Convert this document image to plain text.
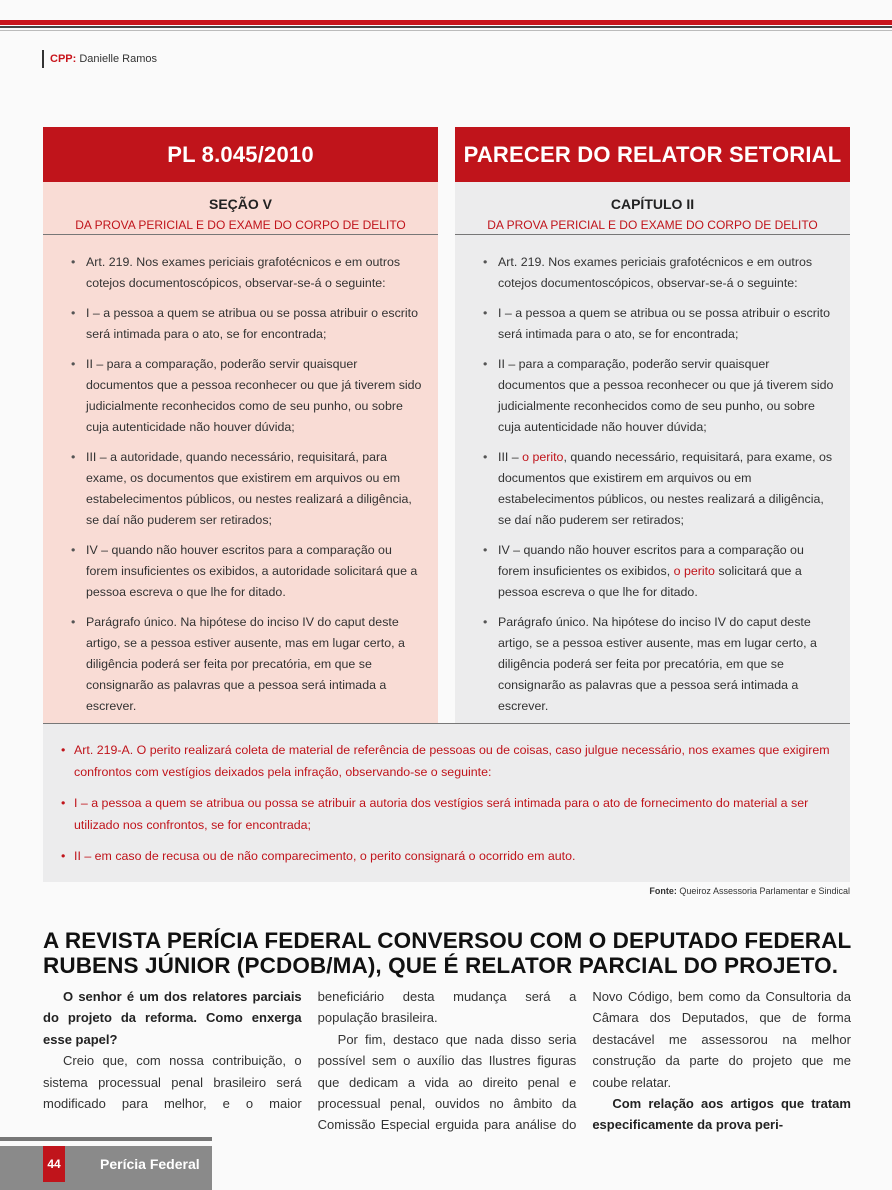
CPP: Danielle Ramos
PL 8.045/2010
SEÇÃO V
DA PROVA PERICIAL E DO EXAME DO CORPO DE DELITO
• Art. 219. Nos exames periciais grafotécnicos e em outros cotejos documentoscópicos, observar-se-á o seguinte:
• I – a pessoa a quem se atribua ou se possa atribuir o escrito será intimada para o ato, se for encontrada;
• II – para a comparação, poderão servir quaisquer documentos que a pessoa reconhecer ou que já tiverem sido judicialmente reconhecidos como de seu punho, ou sobre cuja autenticidade não houver dúvida;
• III – a autoridade, quando necessário, requisitará, para exame, os documentos que existirem em arquivos ou em estabelecimentos públicos, ou nestes realizará a diligência, se daí não puderem ser retirados;
• IV – quando não houver escritos para a comparação ou forem insuficientes os exibidos, a autoridade solicitará que a pessoa escreva o que lhe for ditado.
• Parágrafo único. Na hipótese do inciso IV do caput deste artigo, se a pessoa estiver ausente, mas em lugar certo, a diligência poderá ser feita por precatória, em que se consignarão as palavras que a pessoa será intimada a escrever.
PARECER DO RELATOR SETORIAL
CAPÍTULO II
DA PROVA PERICIAL E DO EXAME DO CORPO DE DELITO
• Art. 219. Nos exames periciais grafotécnicos e em outros cotejos documentoscópicos, observar-se-á o seguinte:
• I – a pessoa a quem se atribua ou se possa atribuir o escrito será intimada para o ato, se for encontrada;
• II – para a comparação, poderão servir quaisquer documentos que a pessoa reconhecer ou que já tiverem sido judicialmente reconhecidos como de seu punho, ou sobre cuja autenticidade não houver dúvida;
• III – o perito, quando necessário, requisitará, para exame, os documentos que existirem em arquivos ou em estabelecimentos públicos, ou nestes realizará a diligência, se daí não puderem ser retirados;
• IV – quando não houver escritos para a comparação ou forem insuficientes os exibidos, o perito solicitará que a pessoa escreva o que lhe for ditado.
• Parágrafo único. Na hipótese do inciso IV do caput deste artigo, se a pessoa estiver ausente, mas em lugar certo, a diligência poderá ser feita por precatória, em que se consignarão as palavras que a pessoa será intimada a escrever.
• Art. 219-A. O perito realizará coleta de material de referência de pessoas ou de coisas, caso julgue necessário, nos exames que exigirem confrontos com vestígios deixados pela infração, observando-se o seguinte:
• I – a pessoa a quem se atribua ou possa se atribuir a autoria dos vestígios será intimada para o ato de fornecimento do material a ser utilizado nos confrontos, se for encontrada;
• II – em caso de recusa ou de não comparecimento, o perito consignará o ocorrido em auto.
Fonte: Queiroz Assessoria Parlamentar e Sindical
A REVISTA PERÍCIA FEDERAL CONVERSOU COM O DEPUTADO FEDERAL RUBENS JÚNIOR (PCDOB/MA), QUE É RELATOR PARCIAL DO PROJETO.

O senhor é um dos relatores parciais do projeto da reforma. Como enxerga esse papel?

Creio que, com nossa contribuição, o sistema processual penal brasileiro será modificado para melhor, e o maior beneficiário desta mudança será a população brasileira.

Por fim, destaco que nada disso seria possível sem o auxílio das Ilustres figuras que dedicam a vida ao direito penal e processual penal, ouvidos no âmbito da Comissão Especial erguida para análise do Novo Código, bem como da Consultoria da Câmara dos Deputados, que de forma destacável me assessorou na melhor construção da parte do projeto que me coube relatar.

Com relação aos artigos que tratam especificamente da prova peri-

44	Perícia Federal
